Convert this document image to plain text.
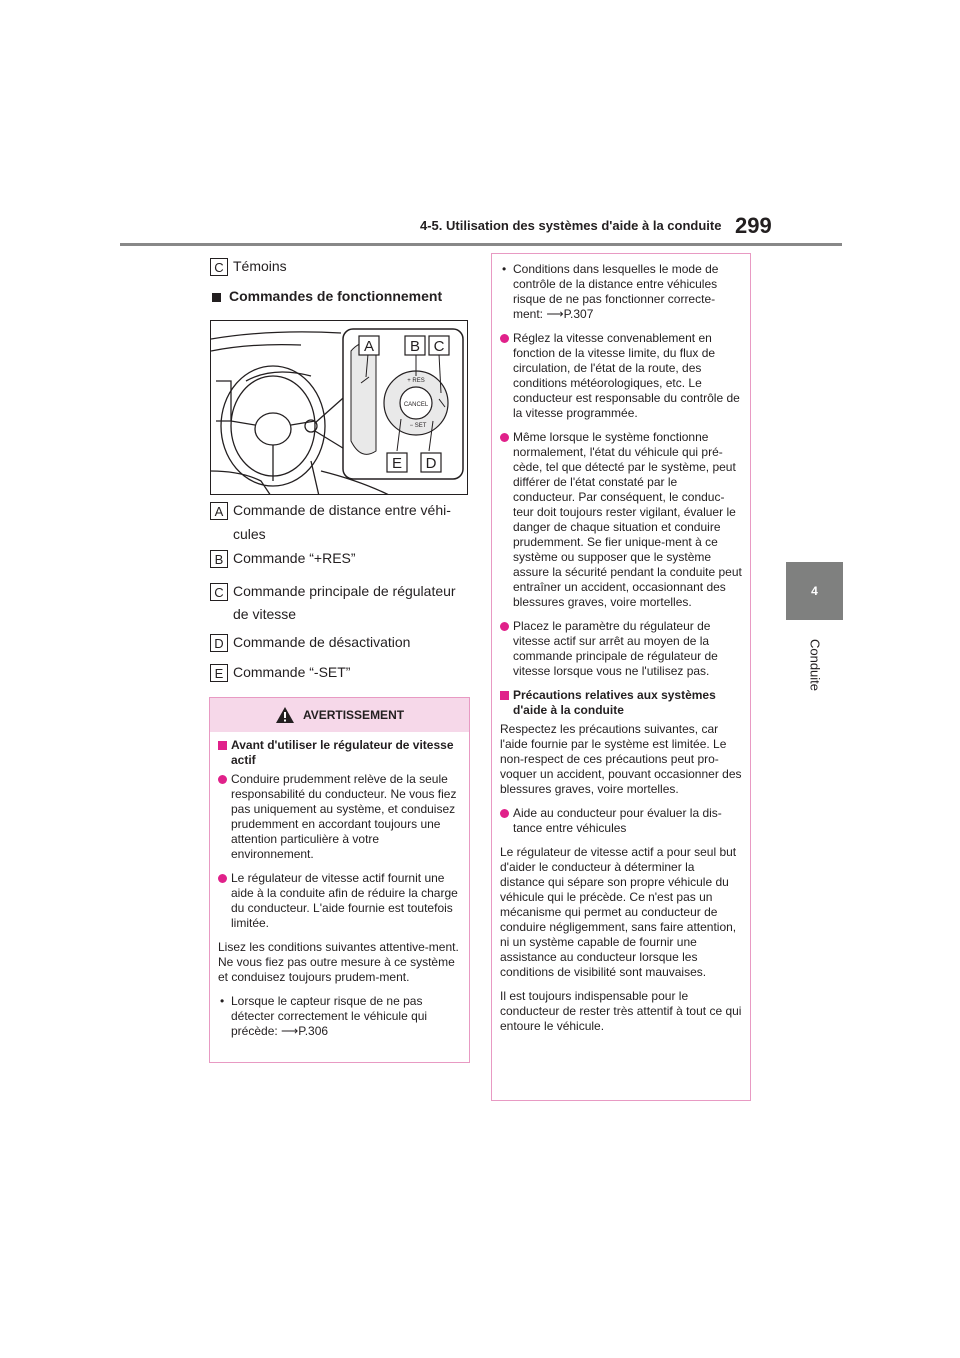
4-5. Utilisation des systèmes d'aide à la conduite 299
4
Conduite
C Témoins
Commandes de fonctionnement
CANCEL
+ RES
− SET
A B C
E D
A Commande de distance entre véhi-
cules
B Commande “+RES”
C Commande principale de régulateur
de vitesse
D Commande de désactivation
E Commande “-SET”
AVERTISSEMENT
Avant d'utiliser le régulateur de vitesse actif
Conduire prudemment relève de la seule responsabilité du conducteur. Ne vous fiez pas uniquement au système, et conduisez prudemment en accordant toujours une attention particulière à votre environnement.
Le régulateur de vitesse actif fournit une aide à la conduite afin de réduire la charge du conducteur. L'aide fournie est toutefois limitée.
Lisez les conditions suivantes attentive-ment. Ne vous fiez pas outre mesure à ce système et conduisez toujours prudem-ment.
• Lorsque le capteur risque de ne pas détecter correctement le véhicule qui précède: ⟶P.306
• Conditions dans lesquelles le mode de contrôle de la distance entre véhicules risque de ne pas fonctionner correcte-ment: ⟶P.307
Réglez la vitesse convenablement en fonction de la vitesse limite, du flux de circulation, de l'état de la route, des conditions météorologiques, etc. Le conducteur est responsable du contrôle de la vitesse programmée.
Même lorsque le système fonctionne normalement, l'état du véhicule qui pré-cède, tel que détecté par le système, peut différer de l'état constaté par le conducteur. Par conséquent, le conduc-teur doit toujours rester vigilant, évaluer le danger de chaque situation et conduire prudemment. Se fier unique-ment à ce système ou supposer que le système assure la sécurité pendant la conduite peut entraîner un accident, occasionnant des blessures graves, voire mortelles.
Placez le paramètre du régulateur de vitesse actif sur arrêt au moyen de la commande principale de régulateur de vitesse lorsque vous ne l'utilisez pas.
Précautions relatives aux systèmes d'aide à la conduite
Respectez les précautions suivantes, car l'aide fournie par le système est limitée. Le non-respect de ces précautions peut pro-voquer un accident, pouvant occasionner des blessures graves, voire mortelles.
Aide au conducteur pour évaluer la dis-tance entre véhicules
Le régulateur de vitesse actif a pour seul but d'aider le conducteur à déterminer la distance qui sépare son propre véhicule du véhicule qui le précède. Ce n'est pas un mécanisme qui permet au conducteur de conduire négligemment, sans faire attention, ni un système capable de fournir une assistance au conducteur lorsque les conditions de visibilité sont mauvaises.
Il est toujours indispensable pour le conducteur de rester très attentif à tout ce qui entoure le véhicule.
